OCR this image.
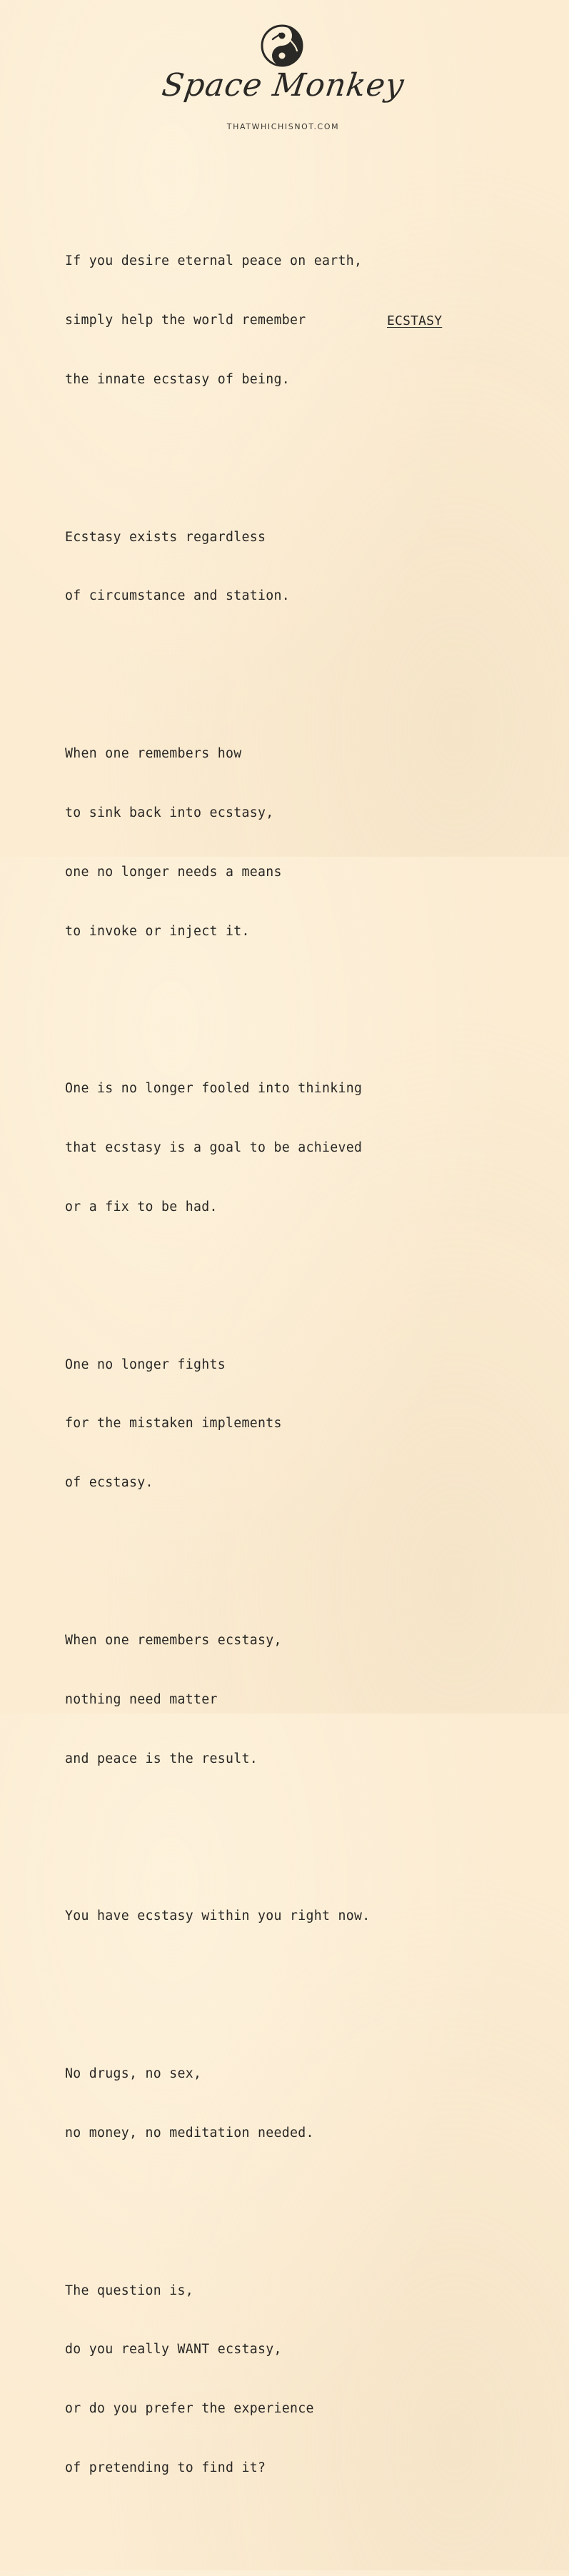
Space Monkey
THATWHICHISNOT.COM
ECSTASY

If you desire eternal peace on earth,

simply help the world remember

the innate ecstasy of being.

Ecstasy exists regardless

of circumstance and station.

When one remembers how

to sink back into ecstasy,

one no longer needs a means

to invoke or inject it.

One is no longer fooled into thinking

that ecstasy is a goal to be achieved

or a fix to be had.

One no longer fights

for the mistaken implements

of ecstasy.

When one remembers ecstasy,

nothing need matter

and peace is the result.

You have ecstasy within you right now.

No drugs, no sex,

no money, no meditation needed.

The question is,

do you really WANT ecstasy,

or do you prefer the experience

of pretending to find it?
